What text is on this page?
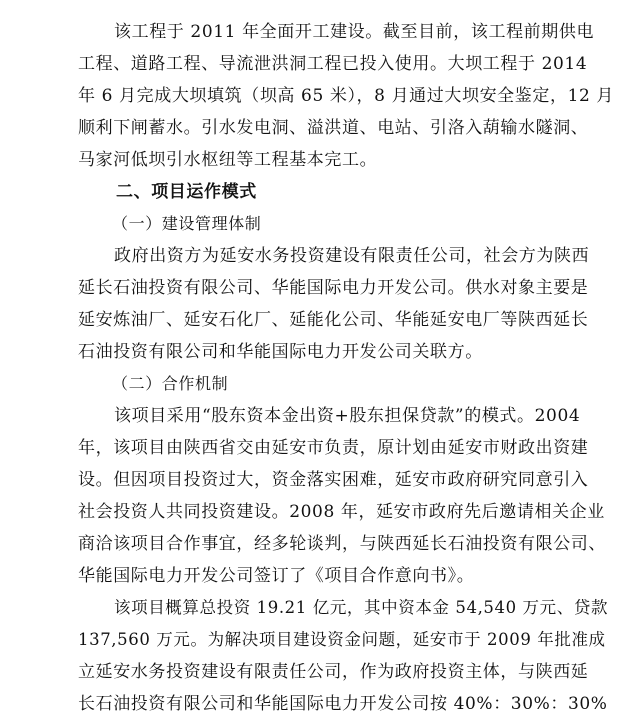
该工程于 2011 年全面开工建设。截至目前，该工程前期供电
工程、道路工程、导流泄洪洞工程已投入使用。大坝工程于 2014
年 6 月完成大坝填筑（坝高 65 米），8 月通过大坝安全鉴定，12 月
顺利下闸蓄水。引水发电洞、溢洪道、电站、引洛入葫输水隧洞、
马家河低坝引水枢纽等工程基本完工。
二、项目运作模式
（一）建设管理体制
政府出资方为延安水务投资建设有限责任公司，社会方为陕西
延长石油投资有限公司、华能国际电力开发公司。供水对象主要是
延安炼油厂、延安石化厂、延能化公司、华能延安电厂等陕西延长
石油投资有限公司和华能国际电力开发公司关联方。
（二）合作机制
该项目采用“股东资本金出资+股东担保贷款”的模式。2004
年，该项目由陕西省交由延安市负责，原计划由延安市财政出资建
设。但因项目投资过大，资金落实困难，延安市政府研究同意引入
社会投资人共同投资建设。2008 年，延安市政府先后邀请相关企业
商洽该项目合作事宜，经多轮谈判，与陕西延长石油投资有限公司、
华能国际电力开发公司签订了《项目合作意向书》。
该项目概算总投资 19.21 亿元，其中资本金 54,540 万元、贷款
137,560 万元。为解决项目建设资金问题，延安市于 2009 年批准成
立延安水务投资建设有限责任公司，作为政府投资主体，与陕西延
长石油投资有限公司和华能国际电力开发公司按 40%：30%：30%
